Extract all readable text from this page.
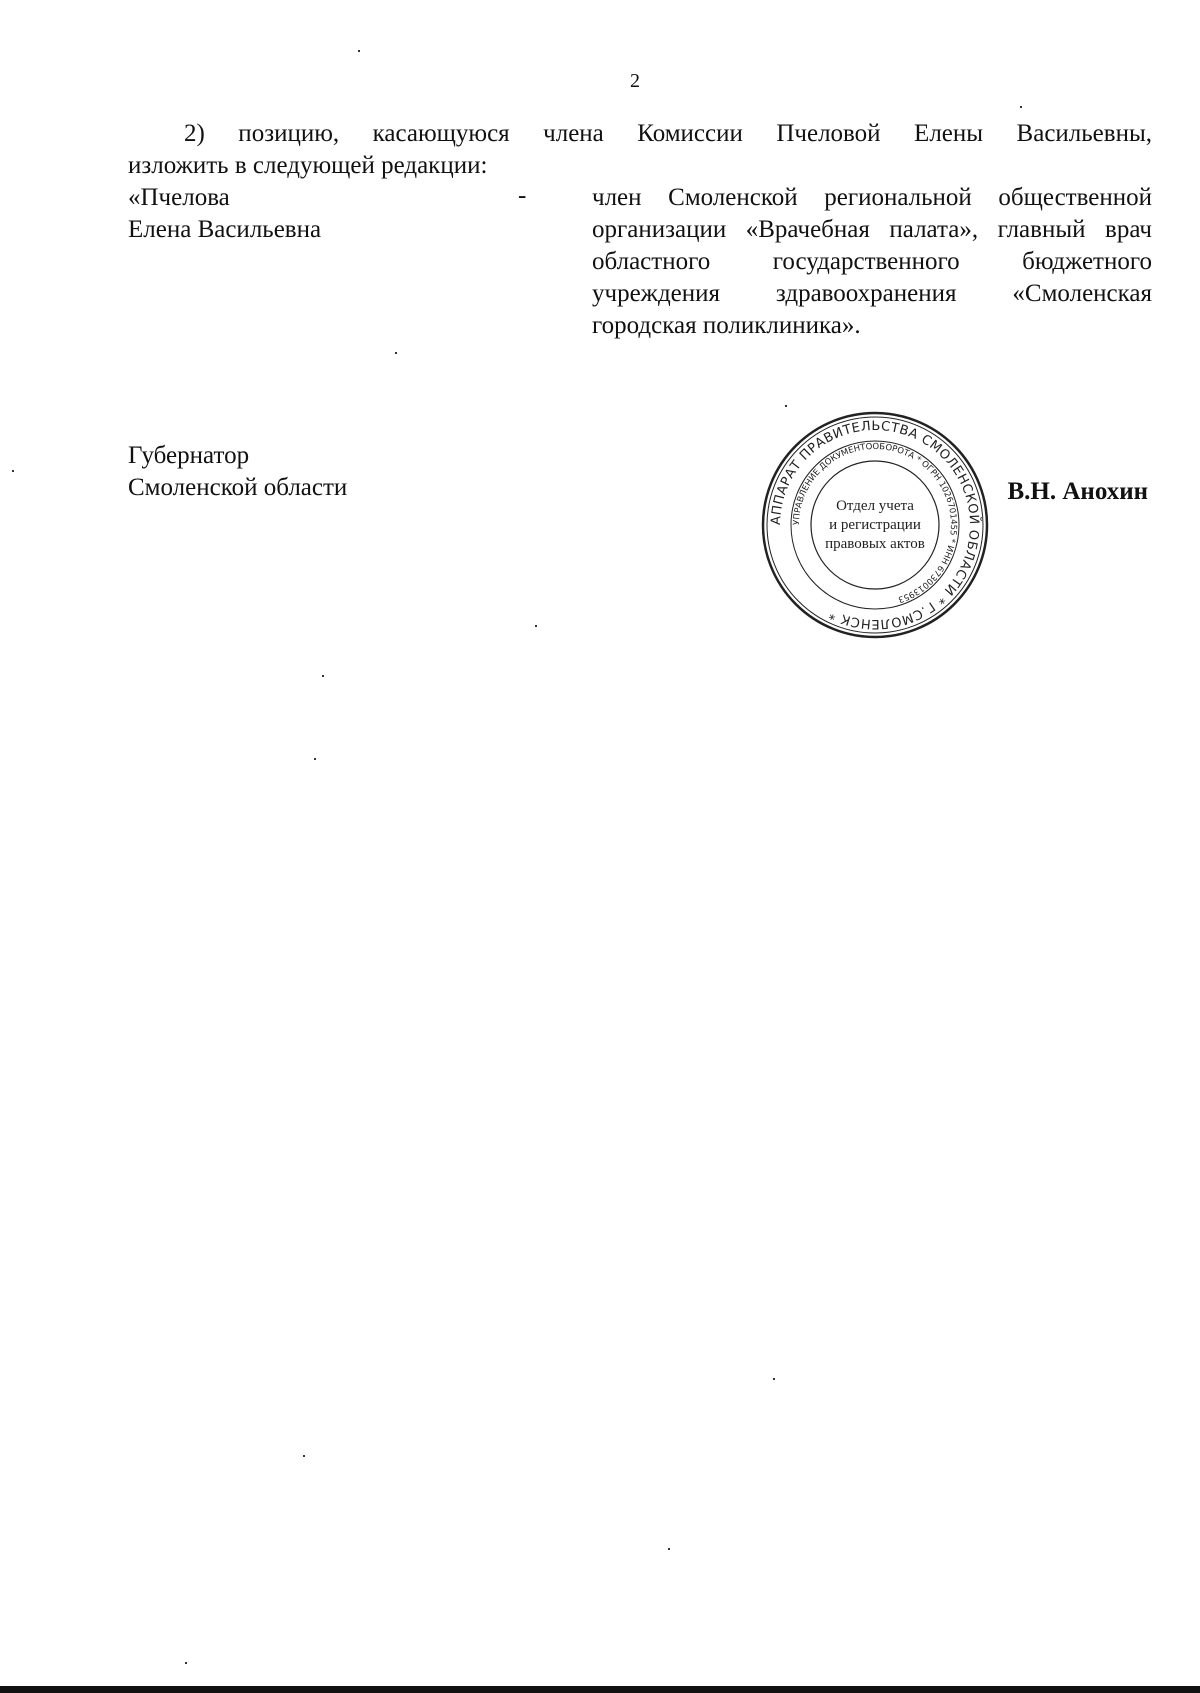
2
2) позицию, касающуюся члена Комиссии Пчеловой Елены Васильевны,
изложить в следующей редакции:
«Пчелова
Елена Васильевна
-	член Смоленской региональной общественной организации «Врачебная палата», главный врач областного государственного бюджетного учреждения здравоохранения «Смоленская городская поликлиника».
Губернатор
Смоленской области
АППАРАТ ПРАВИТЕЛЬСТВА СМОЛЕНСКОЙ ОБЛАСТИ * Г.СМОЛЕНСК *
УПРАВЛЕНИЕ ДОКУМЕНТООБОРОТА * ОГРН 1026701455 * ИНН 6730013953
Отдел учета
и регистрации
правовых актов
В.Н. Анохин
